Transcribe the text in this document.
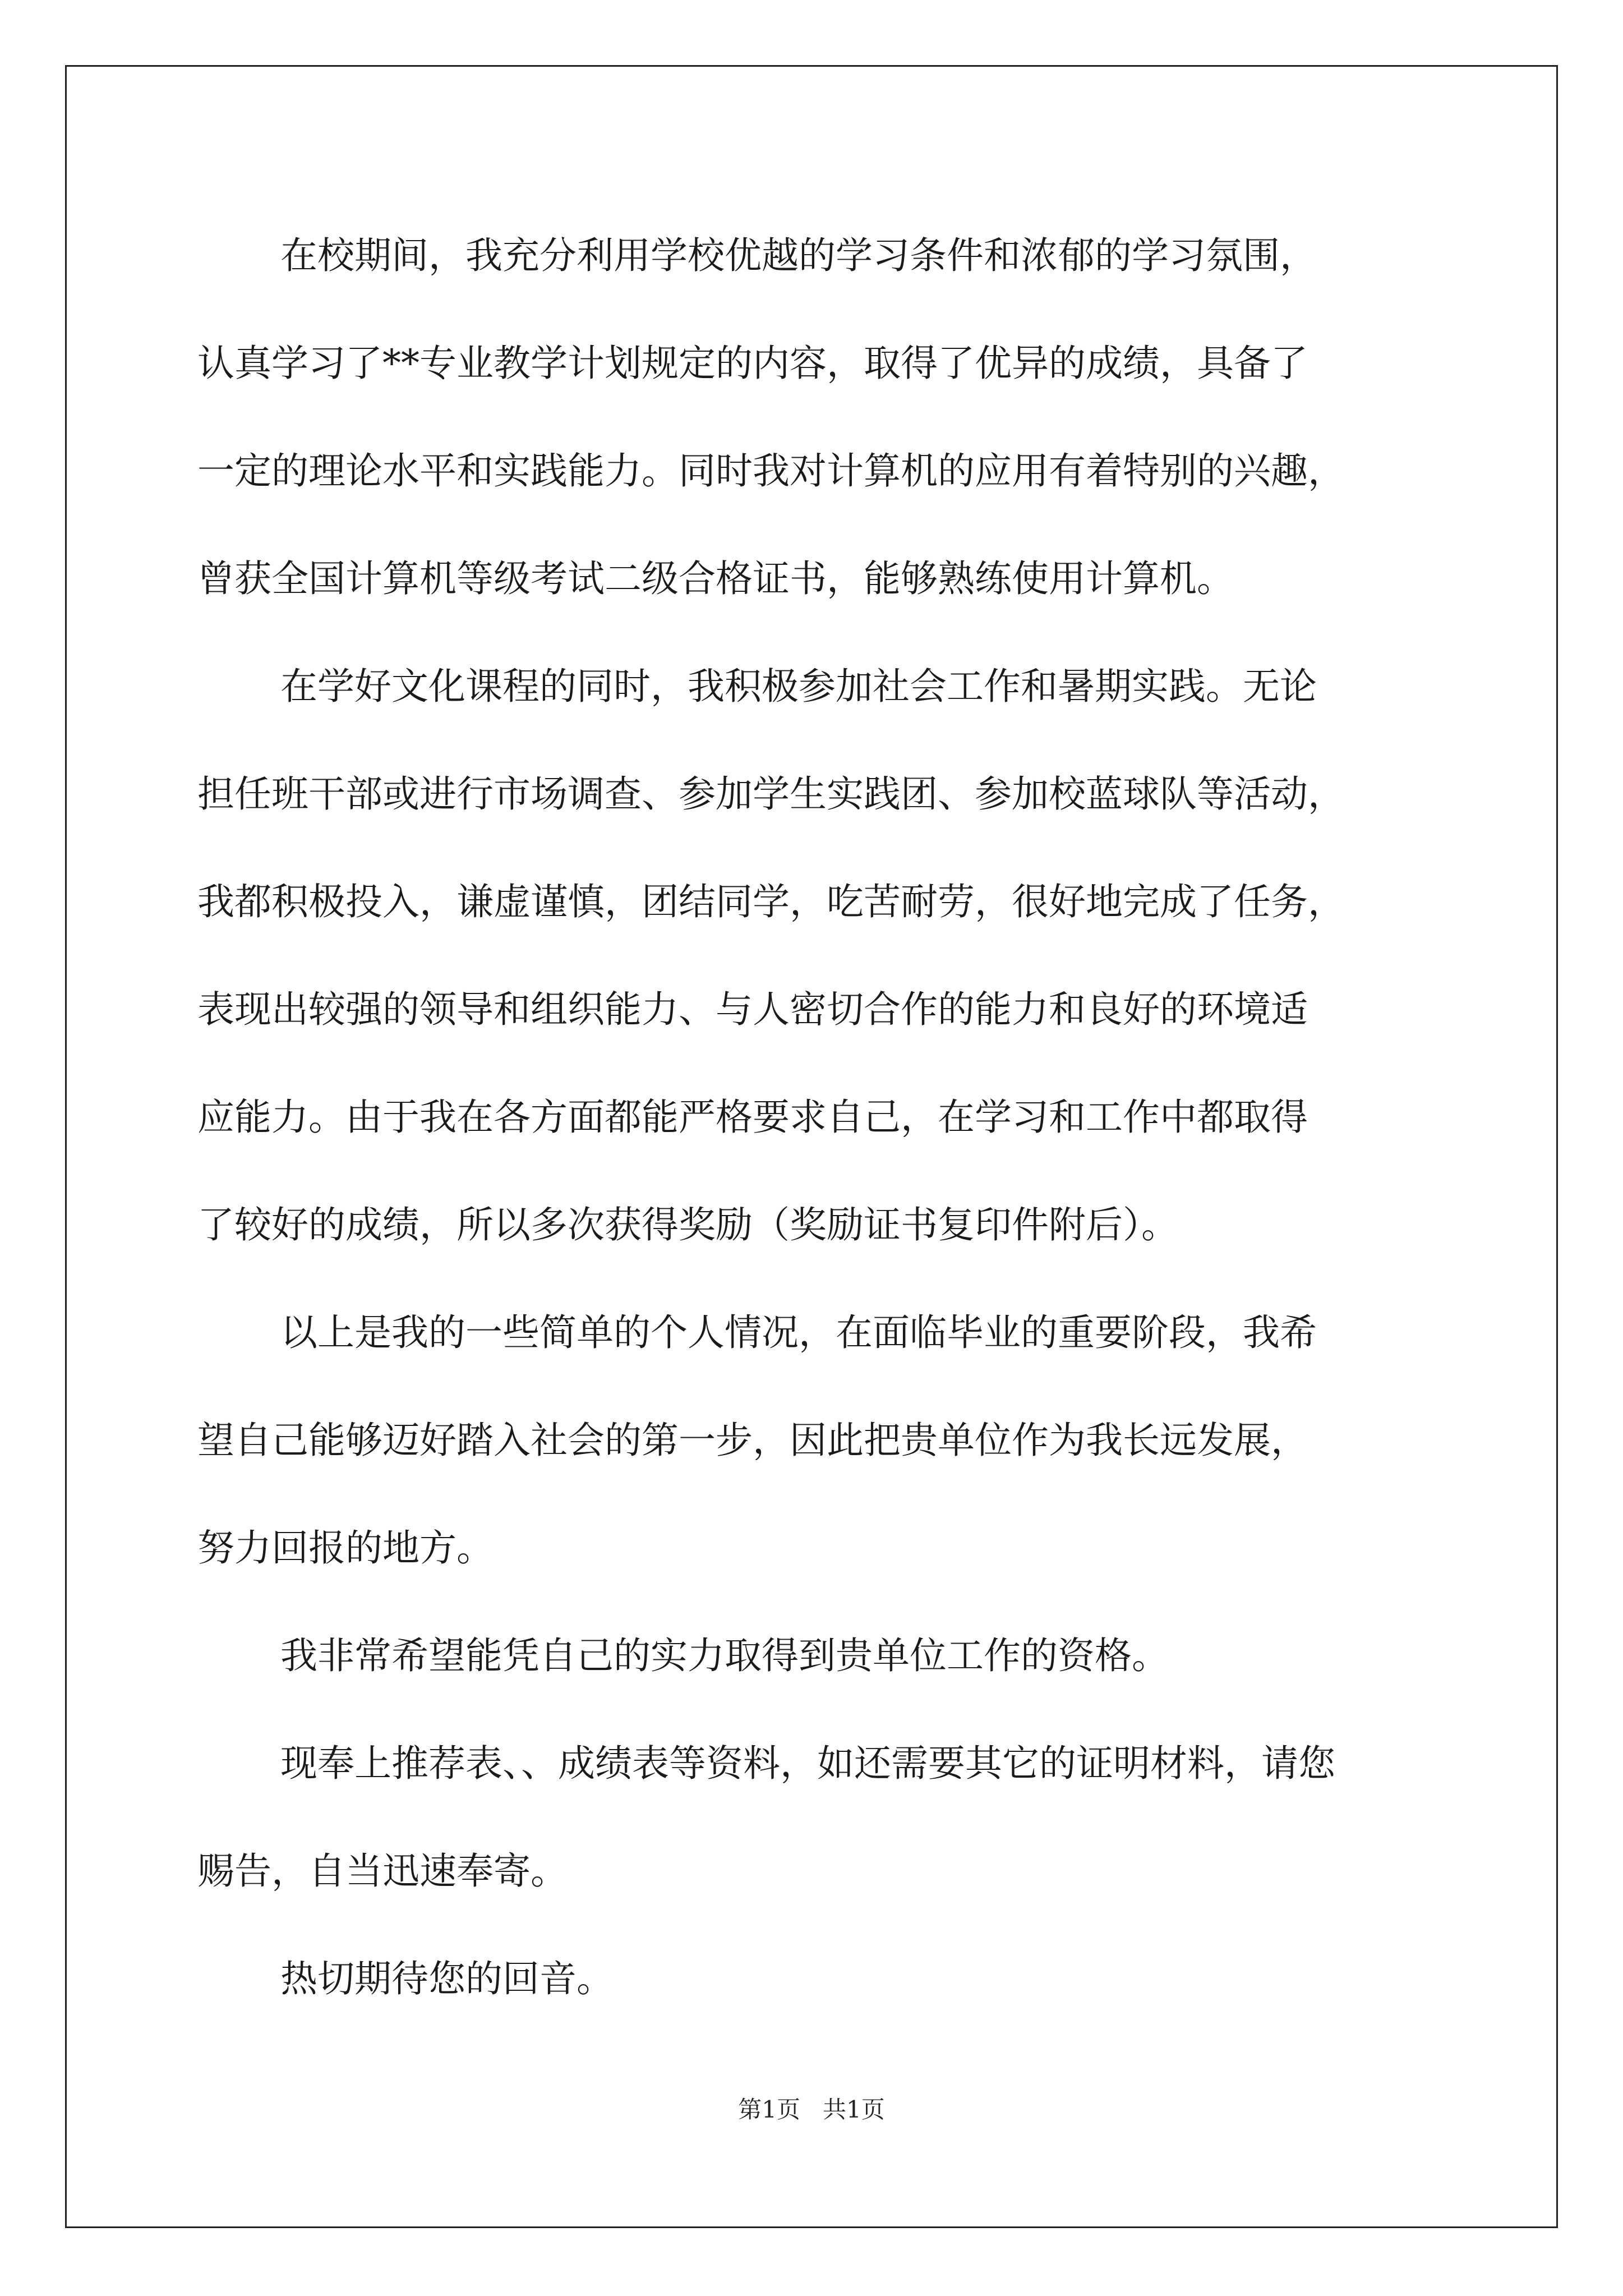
在校期间，我充分利用学校优越的学习条件和浓郁的学习氛围，
认真学习了**专业教学计划规定的内容，取得了优异的成绩，具备了
一定的理论水平和实践能力。同时我对计算机的应用有着特别的兴趣，
曾获全国计算机等级考试二级合格证书，能够熟练使用计算机。
在学好文化课程的同时，我积极参加社会工作和暑期实践。无论
担任班干部或进行市场调查、参加学生实践团、参加校蓝球队等活动，
我都积极投入，谦虚谨慎，团结同学，吃苦耐劳，很好地完成了任务，
表现出较强的领导和组织能力、与人密切合作的能力和良好的环境适
应能力。由于我在各方面都能严格要求自己，在学习和工作中都取得
了较好的成绩，所以多次获得奖励（奖励证书复印件附后）。
以上是我的一些简单的个人情况，在面临毕业的重要阶段，我希
望自己能够迈好踏入社会的第一步，因此把贵单位作为我长远发展，
努力回报的地方。
我非常希望能凭自己的实力取得到贵单位工作的资格。
现奉上推荐表、、成绩表等资料，如还需要其它的证明材料，请您
赐告，自当迅速奉寄。
热切期待您的回音。
第1页   共1页
